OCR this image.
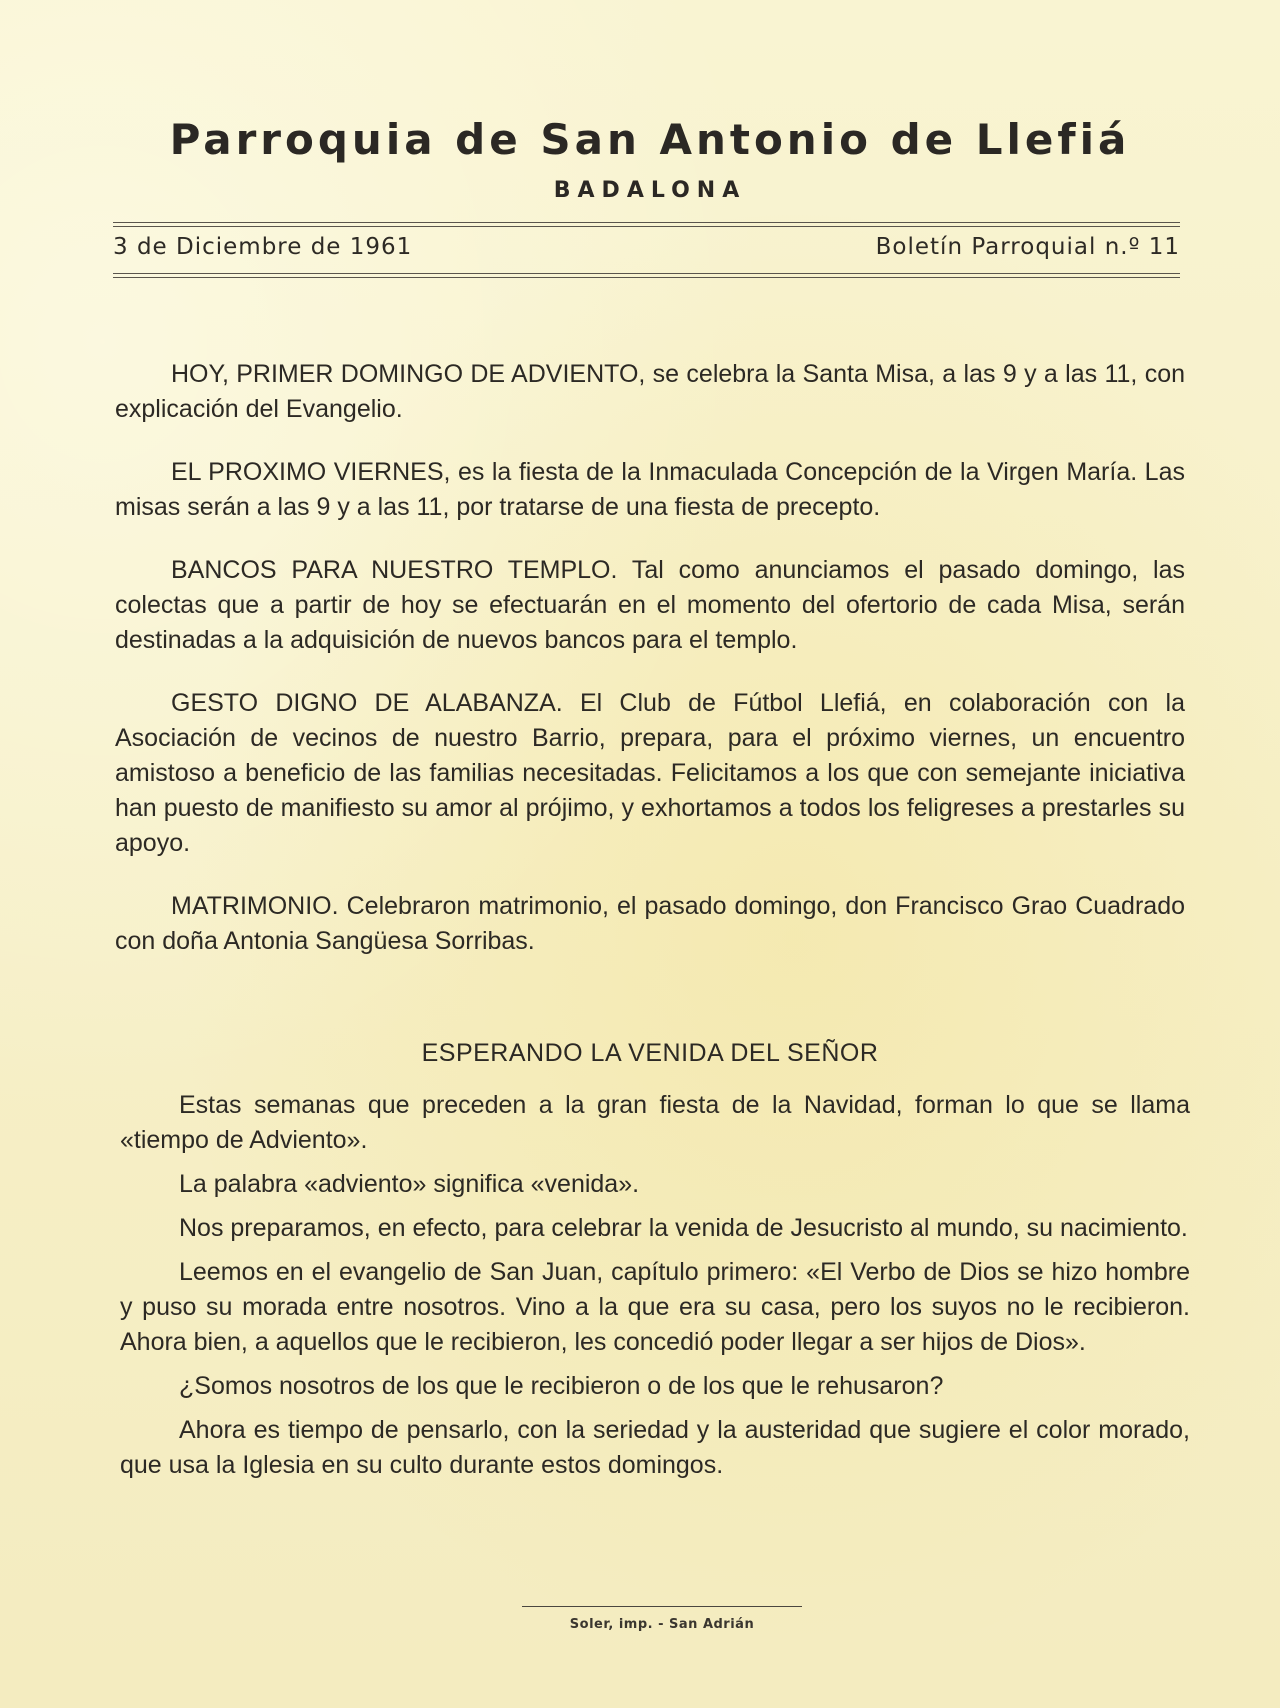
Parroquia de San Antonio de Llefiá
BADALONA
3 de Diciembre de 1961	Boletín Parroquial n.º 11

HOY, PRIMER DOMINGO DE ADVIENTO, se celebra la Santa Misa, a las 9 y a las 11, con explicación del Evangelio.

EL PROXIMO VIERNES, es la fiesta de la Inmaculada Concepción de la Virgen María. Las misas serán a las 9 y a las 11, por tratarse de una fiesta de precepto.

BANCOS PARA NUESTRO TEMPLO. Tal como anunciamos el pasado domingo, las colectas que a partir de hoy se efectuarán en el momento del ofertorio de cada Misa, serán destinadas a la adquisición de nuevos bancos para el templo.

GESTO DIGNO DE ALABANZA. El Club de Fútbol Llefiá, en colaboración con la Asociación de vecinos de nuestro Barrio, prepara, para el próximo viernes, un encuentro amistoso a beneficio de las familias necesitadas. Felicitamos a los que con semejante iniciativa han puesto de manifiesto su amor al prójimo, y exhortamos a todos los feligreses a prestarles su apoyo.

MATRIMONIO. Celebraron matrimonio, el pasado domingo, don Francisco Grao Cuadrado con doña Antonia Sangüesa Sorribas.

ESPERANDO LA VENIDA DEL SEÑOR

Estas semanas que preceden a la gran fiesta de la Navidad, forman lo que se llama «tiempo de Adviento».

La palabra «adviento» significa «venida».

Nos preparamos, en efecto, para celebrar la venida de Jesucristo al mundo, su nacimiento.

Leemos en el evangelio de San Juan, capítulo primero: «El Verbo de Dios se hizo hombre y puso su morada entre nosotros. Vino a la que era su casa, pero los suyos no le recibieron. Ahora bien, a aquellos que le recibieron, les concedió poder llegar a ser hijos de Dios».

¿Somos nosotros de los que le recibieron o de los que le rehusaron?

Ahora es tiempo de pensarlo, con la seriedad y la austeridad que sugiere el color morado, que usa la Iglesia en su culto durante estos domingos.

Soler, imp. - San Adrián
